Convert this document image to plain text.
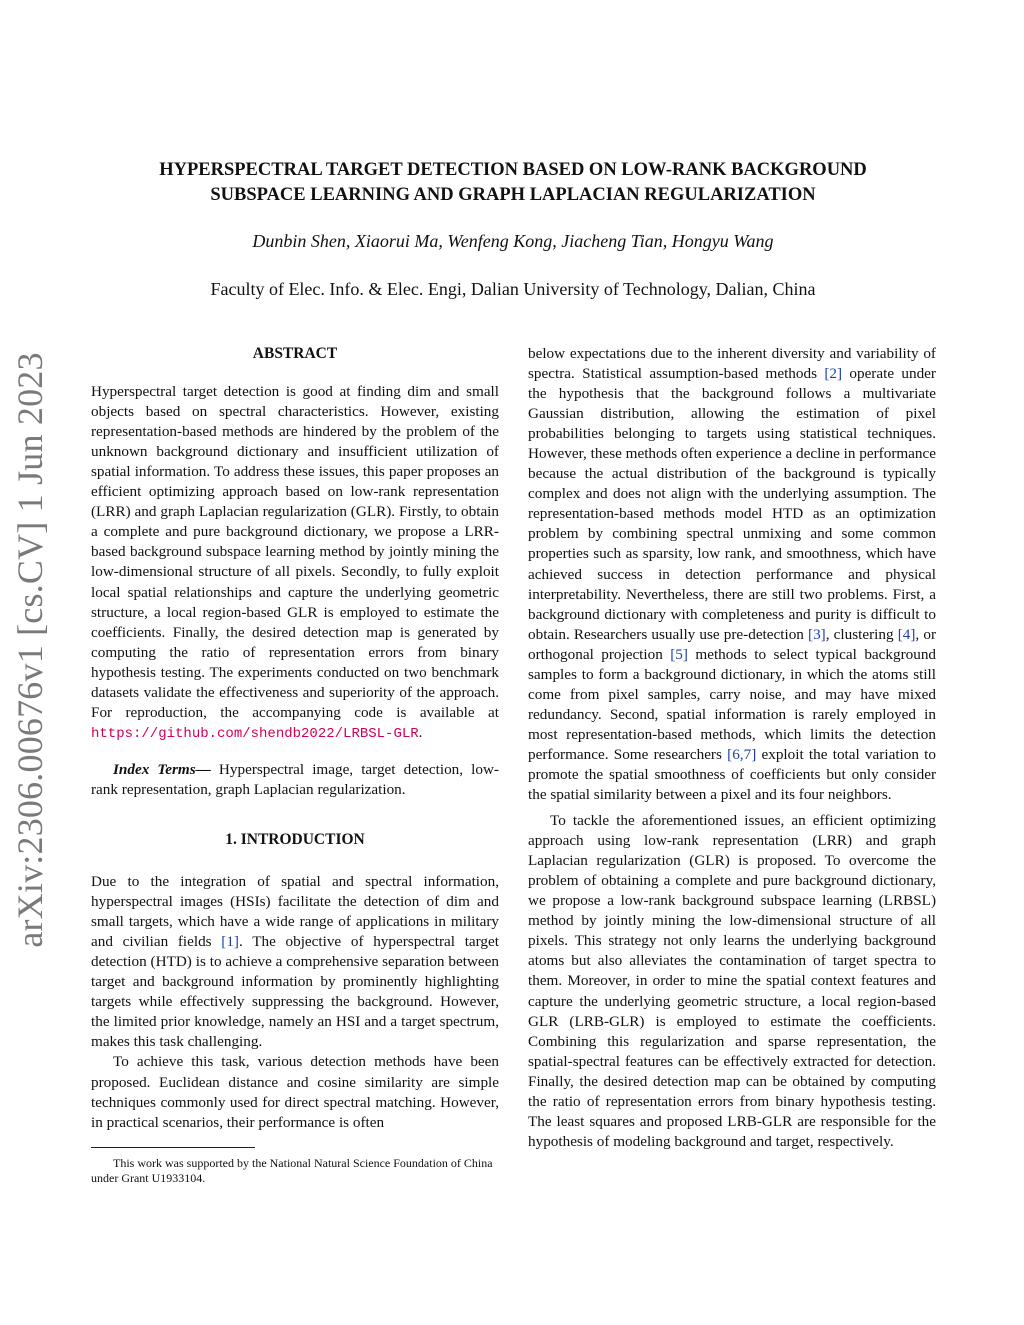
arXiv:2306.00676v1 [cs.CV] 1 Jun 2023
HYPERSPECTRAL TARGET DETECTION BASED ON LOW-RANK BACKGROUND
SUBSPACE LEARNING AND GRAPH LAPLACIAN REGULARIZATION
Dunbin Shen, Xiaorui Ma, Wenfeng Kong, Jiacheng Tian, Hongyu Wang
Faculty of Elec. Info. & Elec. Engi, Dalian University of Technology, Dalian, China
ABSTRACT

Hyperspectral target detection is good at finding dim and small objects based on spectral characteristics. However, existing representation-based methods are hindered by the problem of the unknown background dictionary and insufficient utilization of spatial information. To address these issues, this paper proposes an efficient optimizing approach based on low-rank representation (LRR) and graph Laplacian regularization (GLR). Firstly, to obtain a complete and pure background dictionary, we propose a LRR-based background subspace learning method by jointly mining the low-dimensional structure of all pixels. Secondly, to fully exploit local spatial relationships and capture the underlying geometric structure, a local region-based GLR is employed to estimate the coefficients. Finally, the desired detection map is generated by computing the ratio of representation errors from binary hypothesis testing. The experiments conducted on two benchmark datasets validate the effectiveness and superiority of the approach. For reproduction, the accompanying code is available at https://github.com/shendb2022/LRBSL-GLR.

Index Terms— Hyperspectral image, target detection, low-rank representation, graph Laplacian regularization.

1. INTRODUCTION

Due to the integration of spatial and spectral information, hyperspectral images (HSIs) facilitate the detection of dim and small targets, which have a wide range of applications in military and civilian fields [1]. The objective of hyperspectral target detection (HTD) is to achieve a comprehensive separation between target and background information by prominently highlighting targets while effectively suppressing the background. However, the limited prior knowledge, namely an HSI and a target spectrum, makes this task challenging.

To achieve this task, various detection methods have been proposed. Euclidean distance and cosine similarity are simple techniques commonly used for direct spectral matching. However, in practical scenarios, their performance is often

This work was supported by the National Natural Science Foundation of China under Grant U1933104.

below expectations due to the inherent diversity and variability of spectra. Statistical assumption-based methods [2] operate under the hypothesis that the background follows a multivariate Gaussian distribution, allowing the estimation of pixel probabilities belonging to targets using statistical techniques. However, these methods often experience a decline in performance because the actual distribution of the background is typically complex and does not align with the underlying assumption. The representation-based methods model HTD as an optimization problem by combining spectral unmixing and some common properties such as sparsity, low rank, and smoothness, which have achieved success in detection performance and physical interpretability. Nevertheless, there are still two problems. First, a background dictionary with completeness and purity is difficult to obtain. Researchers usually use pre-detection [3], clustering [4], or orthogonal projection [5] methods to select typical background samples to form a background dictionary, in which the atoms still come from pixel samples, carry noise, and may have mixed redundancy. Second, spatial information is rarely employed in most representation-based methods, which limits the detection performance. Some researchers [6,7] exploit the total variation to promote the spatial smoothness of coefficients but only consider the spatial similarity between a pixel and its four neighbors.

To tackle the aforementioned issues, an efficient optimizing approach using low-rank representation (LRR) and graph Laplacian regularization (GLR) is proposed. To overcome the problem of obtaining a complete and pure background dictionary, we propose a low-rank background subspace learning (LRBSL) method by jointly mining the low-dimensional structure of all pixels. This strategy not only learns the underlying background atoms but also alleviates the contamination of target spectra to them. Moreover, in order to mine the spatial context features and capture the underlying geometric structure, a local region-based GLR (LRB-GLR) is employed to estimate the coefficients. Combining this regularization and sparse representation, the spatial-spectral features can be effectively extracted for detection. Finally, the desired detection map can be obtained by computing the ratio of representation errors from binary hypothesis testing. The least squares and proposed LRB-GLR are responsible for the hypothesis of modeling background and target, respectively.
